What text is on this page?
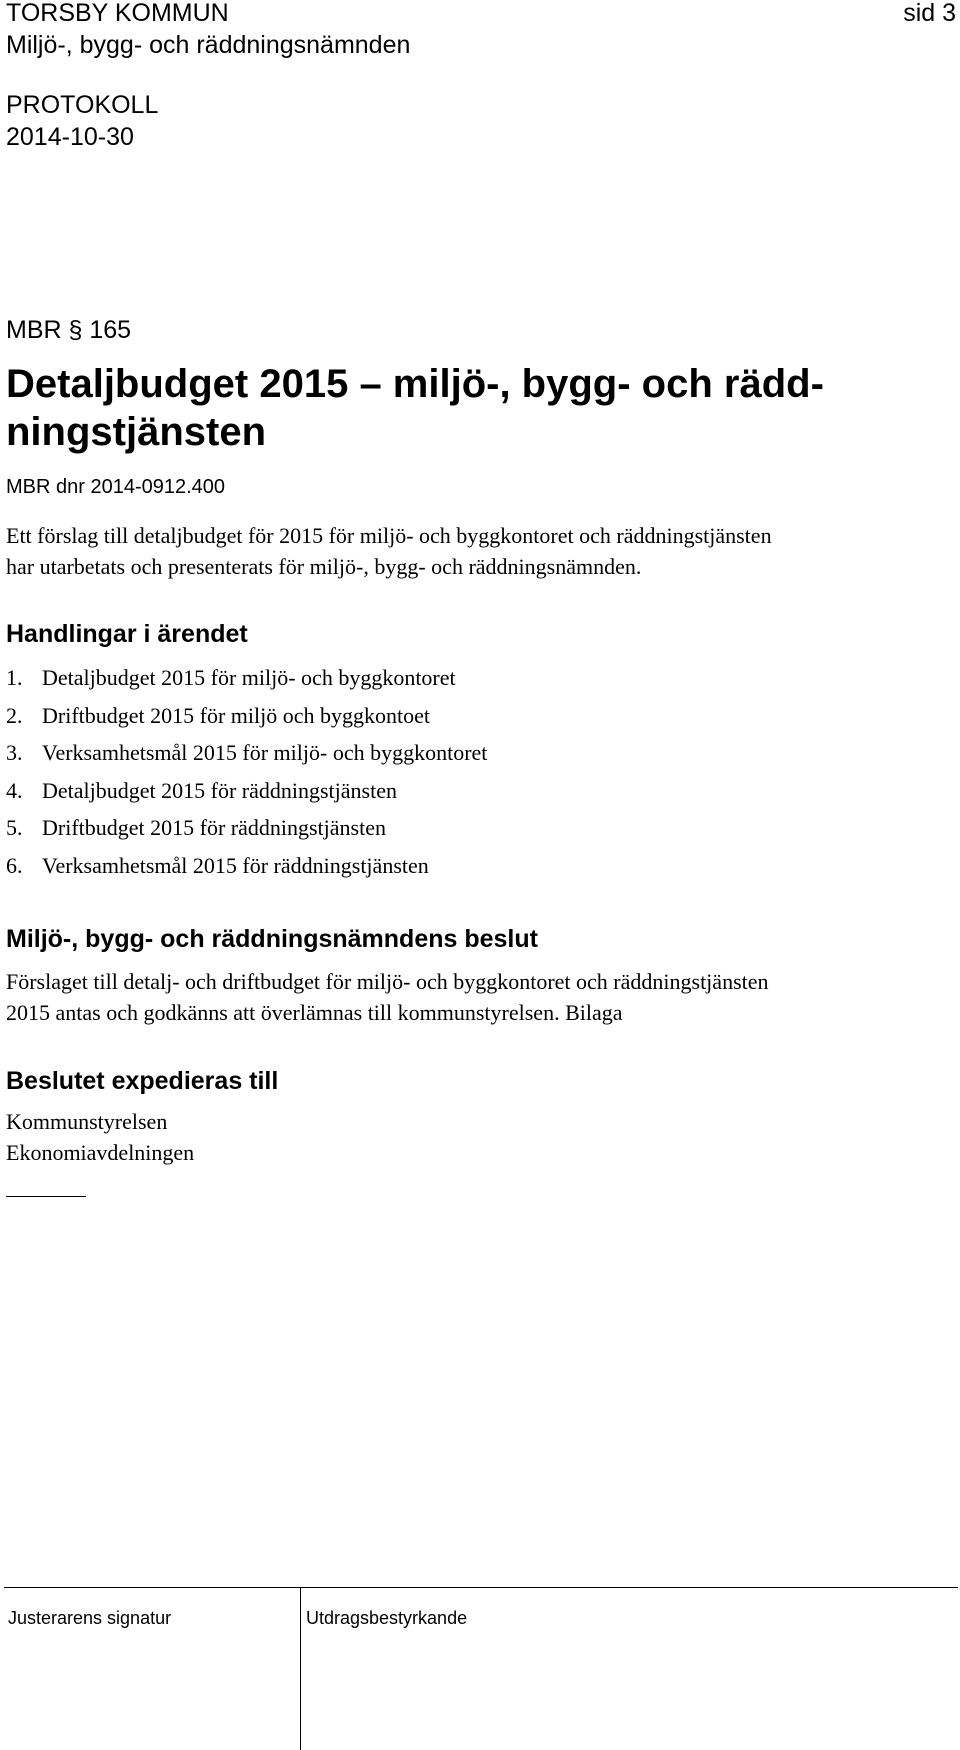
TORSBY KOMMUN	sid 3
Miljö-, bygg- och räddningsnämnden
PROTOKOLL
2014-10-30
MBR § 165
Detaljbudget 2015 – miljö-, bygg- och rädd-
ningstjänsten
MBR dnr 2014-0912.400
Ett förslag till detaljbudget för 2015 för miljö- och byggkontoret och räddningstjänsten
har utarbetats och presenterats för miljö-, bygg- och räddningsnämnden.
Handlingar i ärendet
1. Detaljbudget 2015 för miljö- och byggkontoret
2. Driftbudget 2015 för miljö och byggkontoet
3. Verksamhetsmål 2015 för miljö- och byggkontoret
4. Detaljbudget 2015 för räddningstjänsten
5. Driftbudget 2015 för räddningstjänsten
6. Verksamhetsmål 2015 för räddningstjänsten
Miljö-, bygg- och räddningsnämndens beslut
Förslaget till detalj- och driftbudget för miljö- och byggkontoret och räddningstjänsten
2015 antas och godkänns att överlämnas till kommunstyrelsen. Bilaga
Beslutet expedieras till
Kommunstyrelsen
Ekonomiavdelningen
Justerarens signatur	Utdragsbestyrkande
